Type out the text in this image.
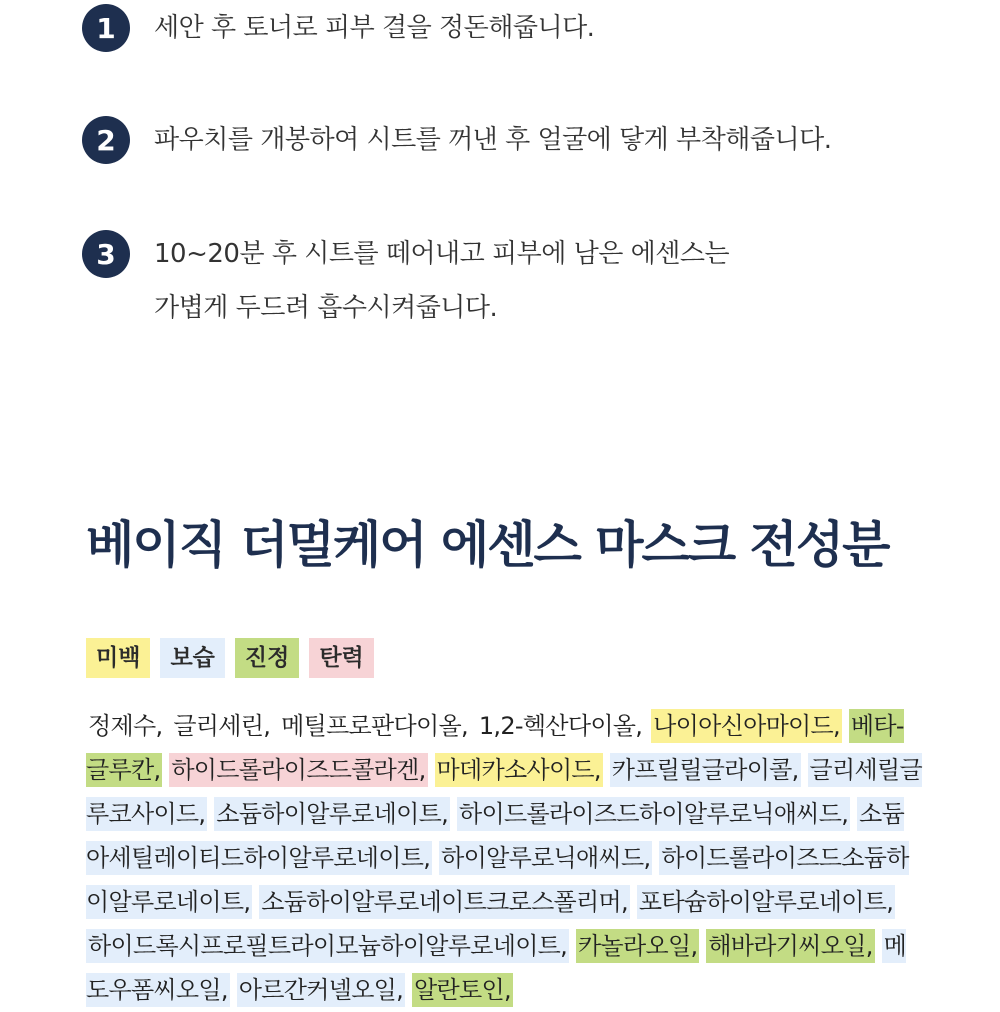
1	세안 후 토너로 피부 결을 정돈해줍니다.
2	파우치를 개봉하여 시트를 꺼낸 후 얼굴에 닿게 부착해줍니다.
3	10~20분 후 시트를 떼어내고 피부에 남은 에센스는
가볍게 두드려 흡수시켜줍니다.
베이직 더멀케어 에센스 마스크 전성분
미백	보습	진정	탄력
정제수, 글리세린, 메틸프로판다이올, 1,2-헥산다이올, 나이아신아마이드, 베타-글루칸, 하이드롤라이즈드콜라겐, 마데카소사이드, 카프릴릴글라이콜, 글리세릴글루코사이드, 소듐하이알루로네이트, 하이드롤라이즈드하이알루로닉애씨드, 소듐아세틸레이티드하이알루로네이트, 하이알루로닉애씨드, 하이드롤라이즈드소듐하이알루로네이트, 소듐하이알루로네이트크로스폴리머, 포타슘하이알루로네이트, 하이드록시프로필트라이모늄하이알루로네이트, 카놀라오일, 해바라기씨오일, 메도우폼씨오일, 아르간커넬오일, 알란토인,
